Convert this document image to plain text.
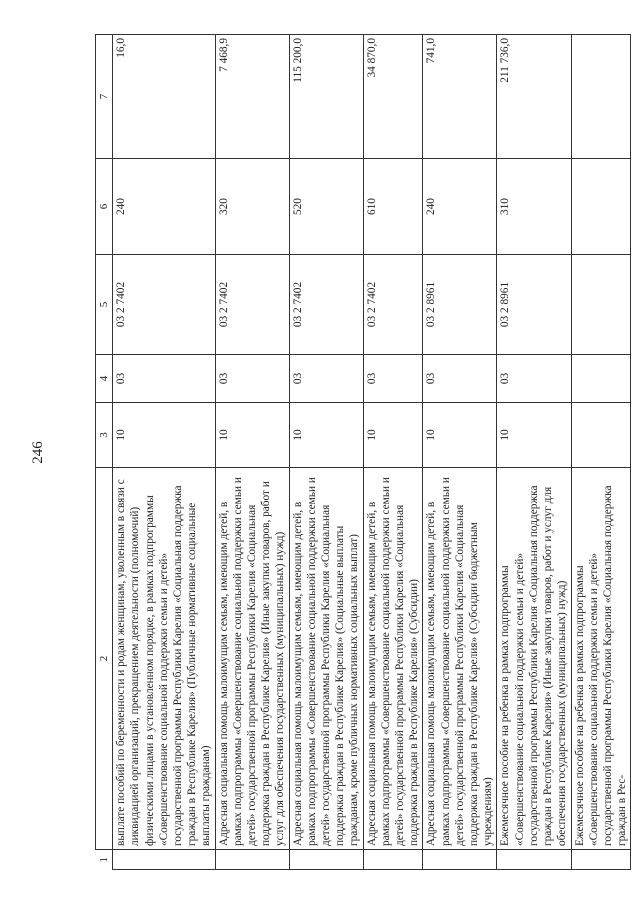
246
1	2	3	4	5	6	7
	выплате пособий по беременности и родам женщинам, уволенным в связи с ликвидацией организаций, прекращением деятельности (полномочий) физическими лицами в установленном порядке, в рамках подпрограммы «Совершенствование социальной поддержки семьи и детей» государственной программы Республики Карелия «Социальная поддержка граждан в Республике Карелия» (Публичные нормативные социальные выплаты гражданам)	10	03	03 2 7402	240	16,0
	Адресная социальная помощь малоимущим семьям, имеющим детей, в рамках подпрограммы «Совершенствование социальной поддержки семьи и детей» государственной программы Республики Карелия «Социальная поддержка граждан в Республике Карелия» (Иные закупки товаров, работ и услуг для обеспечения государственных (муниципальных) нужд)	10	03	03 2 7402	320	7 468,9
	Адресная социальная помощь малоимущим семьям, имеющим детей, в рамках подпрограммы «Совершенствование социальной поддержки семьи и детей» государственной программы Республики Карелия «Социальная поддержка граждан в Республике Карелия» (Социальные выплаты гражданам, кроме публичных нормативных социальных выплат)	10	03	03 2 7402	520	115 200,0
	Адресная социальная помощь малоимущим семьям, имеющим детей, в рамках подпрограммы «Совершенствование социальной поддержки семьи и детей» государственной программы Республики Карелия «Социальная поддержка граждан в Республике Карелия» (Субсидии)	10	03	03 2 7402	610	34 870,0
	Адресная социальная помощь малоимущим семьям, имеющим детей, в рамках подпрограммы «Совершенствование социальной поддержки семьи и детей» государственной программы Республики Карелия «Социальная поддержка граждан в Республике Карелия» (Субсидии бюджетным учреждениям)	10	03	03 2 8961	240	741,0
	Ежемесячное пособие на ребенка в рамках подпрограммы «Совершенствование социальной поддержки семьи и детей» государственной программы Республики Карелия «Социальная поддержка граждан в Республике Карелия» (Иные закупки товаров, работ и услуг для обеспечения государственных (муниципальных) нужд)	10	03	03 2 8961	310	211 736,0
	Ежемесячное пособие на ребенка в рамках подпрограммы «Совершенствование социальной поддержки семьи и детей» государственной программы Республики Карелия «Социальная поддержка граждан в Рес-					
